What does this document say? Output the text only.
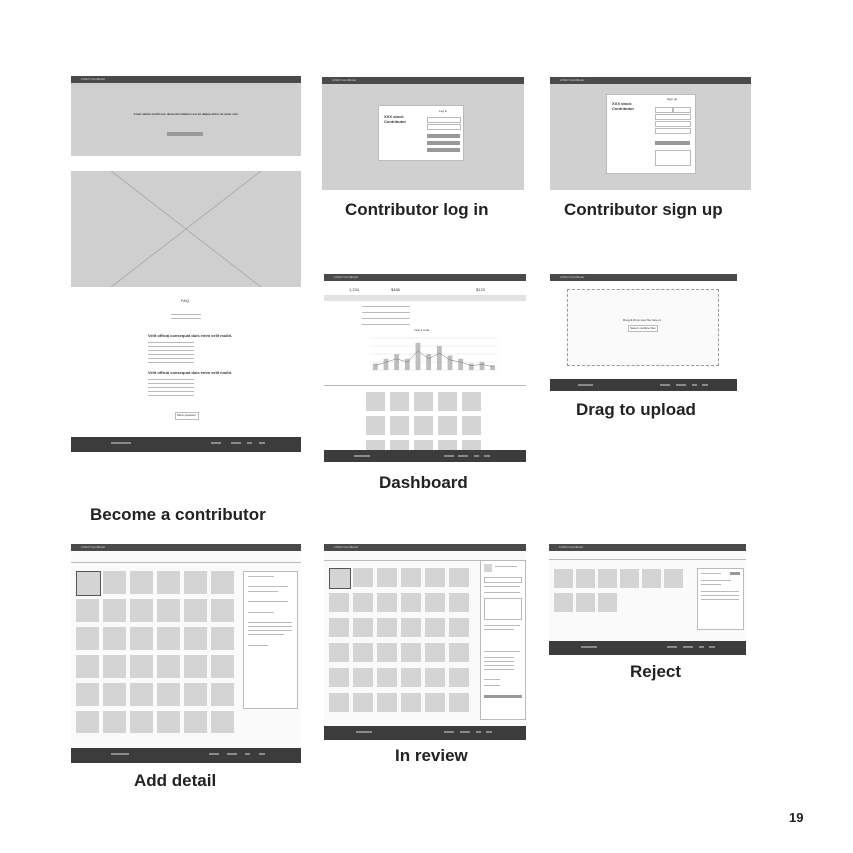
LOGO Contributor
Amet minim mollit non deserunt ullamco est sit aliqua dolor do amet sint.
FAQ
Velit officia consequat duis enim velit mollit.
Velit officia consequat duis enim velit mollit.
More question
Become a contributor
LOGO Contributor
XXX stock Contributor
Log in
Contributor log in
LOGO Contributor
XXX stock Contributor
Sign up
Contributor sign up
LOGO Contributor
1,234	$456	$123
Year 1 total
Dashboard
LOGO Contributor
Drag & Drop your file here or
Select multiple files
Drag to upload
LOGO Contributor
Add detail
LOGO Contributor
In review
LOGO Contributor
Reject
19
